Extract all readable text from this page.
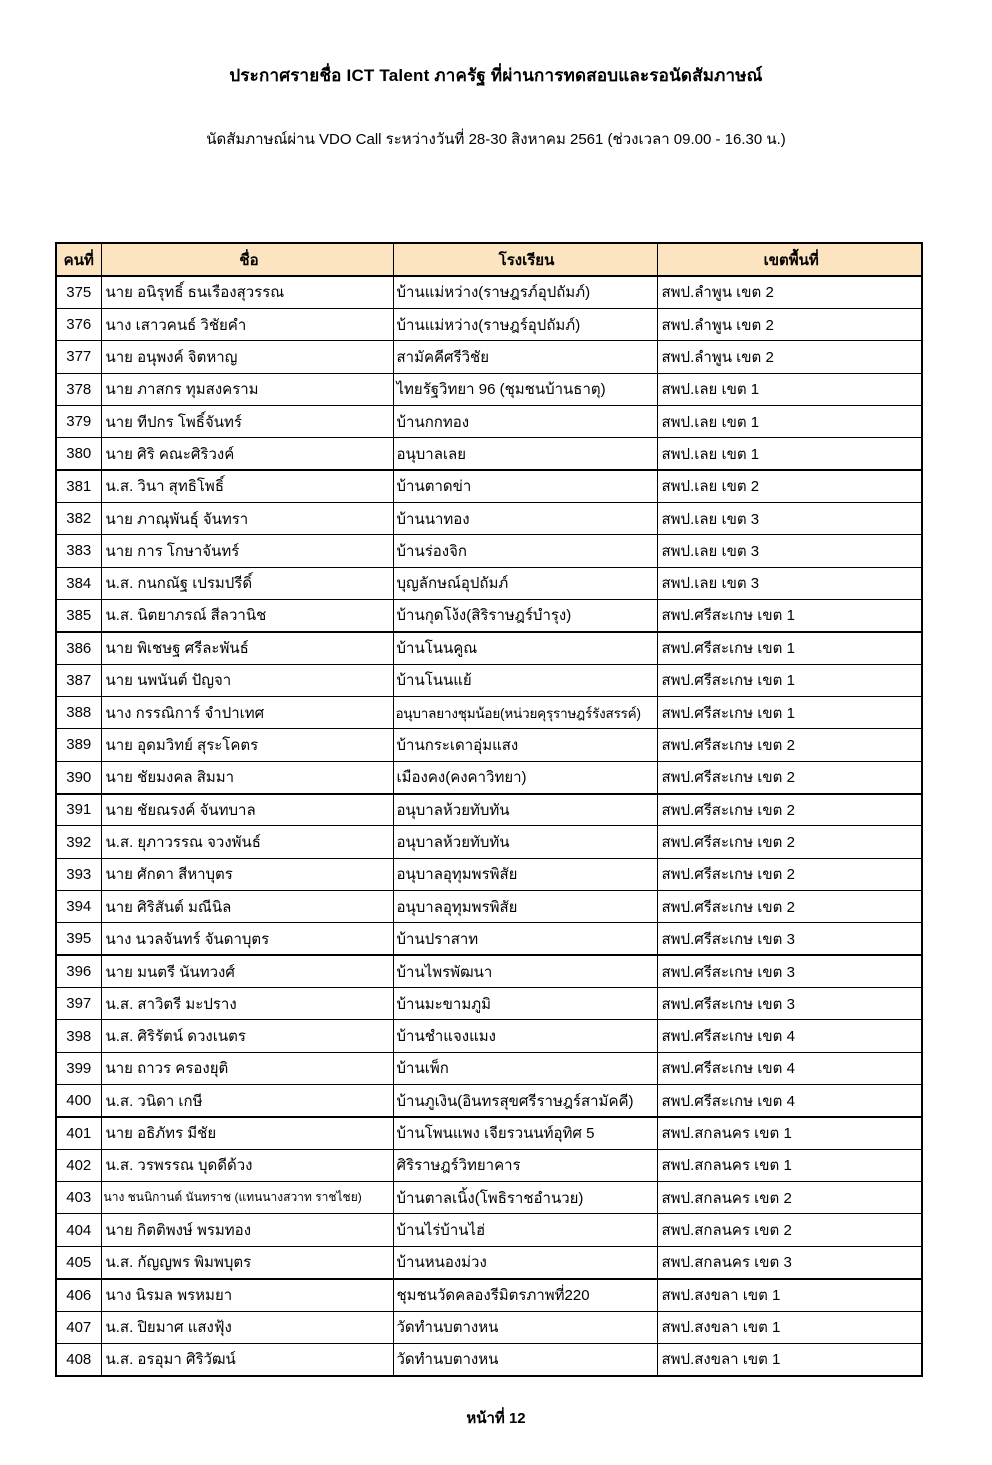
ประกาศรายชื่อ ICT Talent ภาครัฐ ที่ผ่านการทดสอบและรอนัดสัมภาษณ์
นัดสัมภาษณ์ผ่าน VDO Call ระหว่างวันที่ 28-30 สิงหาคม 2561 (ช่วงเวลา 09.00 - 16.30 น.)
คนที่	ชื่อ	โรงเรียน	เขตพื้นที่
375	นาย อนิรุทธิ์ ธนเรืองสุวรรณ	บ้านแม่หว่าง(ราษฎรภ์อุปถัมภ์)	สพป.ลำพูน เขต 2
376	นาง เสาวคนธ์ วิชัยคำ	บ้านแม่หว่าง(ราษฎร์อุปถัมภ์)	สพป.ลำพูน เขต 2
377	นาย อนุพงค์ จิตหาญ	สามัคคีศรีวิชัย	สพป.ลำพูน เขต 2
378	นาย ภาสกร ทุมสงคราม	ไทยรัฐวิทยา 96 (ชุมชนบ้านธาตุ)	สพป.เลย เขต 1
379	นาย ทีปกร โพธิ์จันทร์	บ้านกกทอง	สพป.เลย เขต 1
380	นาย ศิริ คณะศิริวงค์	อนุบาลเลย	สพป.เลย เขต 1
381	น.ส. วินา สุทธิโพธิ์	บ้านตาดข่า	สพป.เลย เขต 2
382	นาย ภาณุพันธุ์ จันทรา	บ้านนาทอง	สพป.เลย เขต 3
383	นาย การ โกษาจันทร์	บ้านร่องจิก	สพป.เลย เขต 3
384	น.ส. กนกณัฐ เปรมปรีดิ์	บุญลักษณ์อุปถัมภ์	สพป.เลย เขต 3
385	น.ส. นิตยาภรณ์ สีลวานิช	บ้านกุดโง้ง(สิริราษฎร์บำรุง)	สพป.ศรีสะเกษ เขต 1
386	นาย พิเชษฐ ศรีละพันธ์	บ้านโนนคูณ	สพป.ศรีสะเกษ เขต 1
387	นาย นพนันต์ ปัญจา	บ้านโนนแย้	สพป.ศรีสะเกษ เขต 1
388	นาง กรรณิการ์ จำปาเทศ	อนุบาลยางชุมน้อย(หน่วยคุรุราษฎร์รังสรรค์)	สพป.ศรีสะเกษ เขต 1
389	นาย อุดมวิทย์ สุระโคตร	บ้านกระเดาอุ่มแสง	สพป.ศรีสะเกษ เขต 2
390	นาย ชัยมงคล สิมมา	เมืองคง(คงคาวิทยา)	สพป.ศรีสะเกษ เขต 2
391	นาย ชัยณรงค์ จันทบาล	อนุบาลห้วยทับทัน	สพป.ศรีสะเกษ เขต 2
392	น.ส. ยุภาวรรณ จวงพันธ์	อนุบาลห้วยทับทัน	สพป.ศรีสะเกษ เขต 2
393	นาย ศักดา สีหาบุตร	อนุบาลอุทุมพรพิสัย	สพป.ศรีสะเกษ เขต 2
394	นาย ศิริสันต์ มณีนิล	อนุบาลอุทุมพรพิสัย	สพป.ศรีสะเกษ เขต 2
395	นาง นวลจันทร์ จันดาบุตร	บ้านปราสาท	สพป.ศรีสะเกษ เขต 3
396	นาย มนตรี นันทวงศ์	บ้านไพรพัฒนา	สพป.ศรีสะเกษ เขต 3
397	น.ส. สาวิตรี มะปราง	บ้านมะขามภูมิ	สพป.ศรีสะเกษ เขต 3
398	น.ส. ศิริรัตน์ ดวงเนตร	บ้านชำแจงแมง	สพป.ศรีสะเกษ เขต 4
399	นาย ถาวร ครองยุติ	บ้านเพ็ก	สพป.ศรีสะเกษ เขต 4
400	น.ส. วนิดา เกษี	บ้านภูเงิน(อินทรสุขศรีราษฎร์สามัคคี)	สพป.ศรีสะเกษ เขต 4
401	นาย อธิภัทร มีชัย	บ้านโพนแพง เจียรวนนท์อุทิศ 5	สพป.สกลนคร เขต 1
402	น.ส. วรพรรณ บุดดีด้วง	ศิริราษฎร์วิทยาคาร	สพป.สกลนคร เขต 1
403	นาง ชนนิกานต์ นันทราช (แทนนางสวาท ราชไชย)	บ้านตาลเนิ้ง(โพธิราชอำนวย)	สพป.สกลนคร เขต 2
404	นาย กิตติพงษ์ พรมทอง	บ้านไร่บ้านไฮ่	สพป.สกลนคร เขต 2
405	น.ส. กัญญพร พิมพบุตร	บ้านหนองม่วง	สพป.สกลนคร เขต 3
406	นาง นิรมล พรหมยา	ชุมชนวัดคลองรีมิตรภาพที่220	สพป.สงขลา เขต 1
407	น.ส. ปิยมาศ แสงฟุ้ง	วัดทำนบตางหน	สพป.สงขลา เขต 1
408	น.ส. อรอุมา ศิริวัฒน์	วัดทำนบตางหน	สพป.สงขลา เขต 1
หน้าที่ 12
